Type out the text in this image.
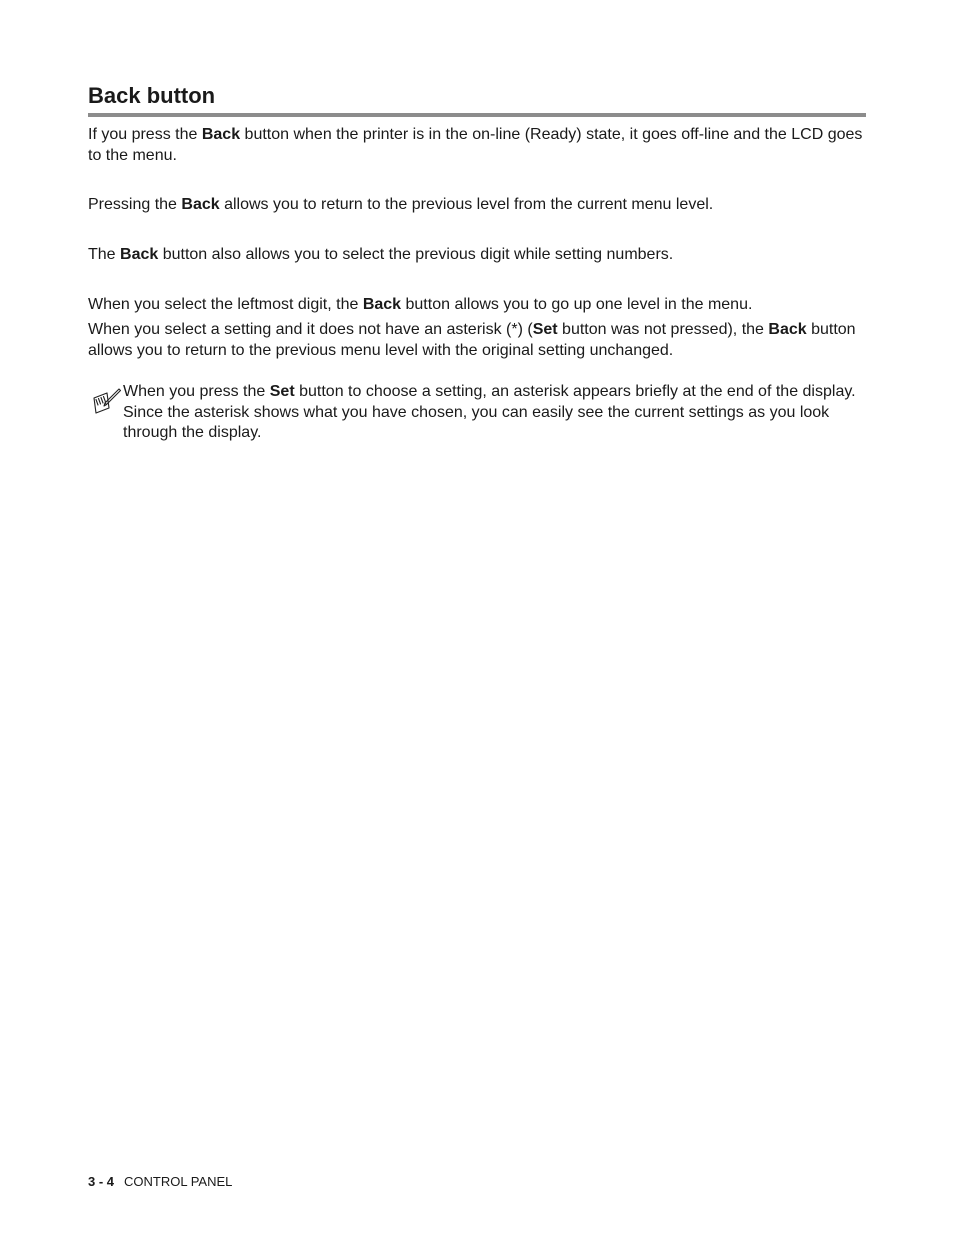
Back button

If you press the Back button when the printer is in the on-line (Ready) state, it goes off-line and the LCD goes to the menu.

Pressing the Back allows you to return to the previous level from the current menu level.

The Back button also allows you to select the previous digit while setting numbers.

When you select the leftmost digit, the Back button allows you to go up one level in the menu.

When you select a setting and it does not have an asterisk (*) (Set button was not pressed), the Back button allows you to return to the previous menu level with the original setting unchanged.

When you press the Set button to choose a setting, an asterisk appears briefly at the end of the display. Since the asterisk shows what you have chosen, you can easily see the current settings as you look through the display.

3 - 4 CONTROL PANEL
